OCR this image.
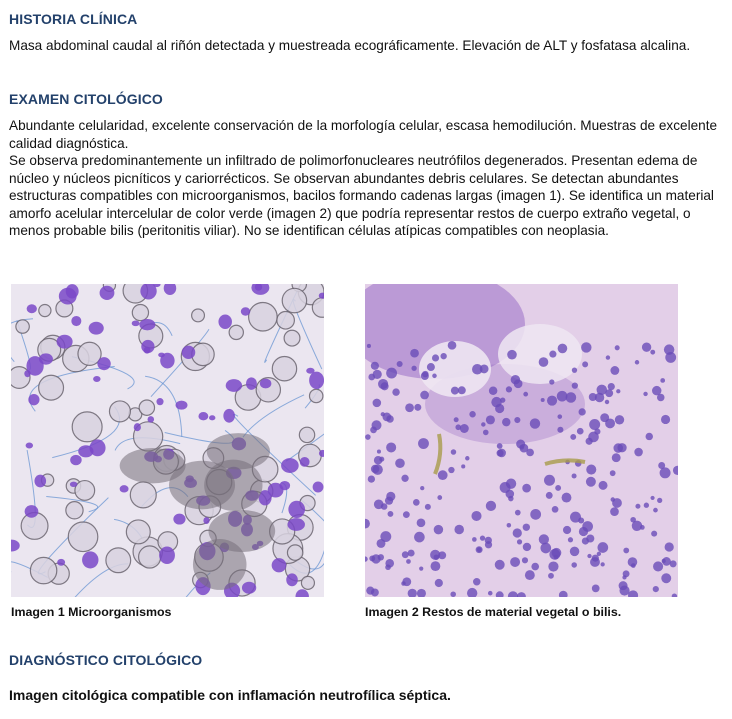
HISTORIA CLÍNICA

Masa abdominal caudal al riñón detectada y muestreada ecográficamente. Elevación de ALT y fosfatasa alcalina.

EXAMEN CITOLÓGICO

Abundante celularidad, excelente conservación de la morfología celular, escasa hemodilución. Muestras de excelente calidad diagnóstica.

Se observa predominantemente un infiltrado de polimorfonucleares neutrófilos degenerados. Presentan edema de núcleo y núcleos picníticos y cariorrécticos. Se observan abundantes debris celulares. Se detectan abundantes estructuras compatibles con microorganismos, bacilos formando cadenas largas (imagen 1). Se identifica un material amorfo acelular intercelular de color verde (imagen 2) que podría representar restos de cuerpo extraño vegetal, o menos probable bilis (peritonitis viliar). No se identifican células atípicas compatibles con neoplasia.

Imagen 1 Microorganismos	Imagen 2 Restos de material vegetal o bilis.
DIAGNÓSTICO CITOLÓGICO
Imagen citológica compatible con inflamación neutrofílica séptica.
